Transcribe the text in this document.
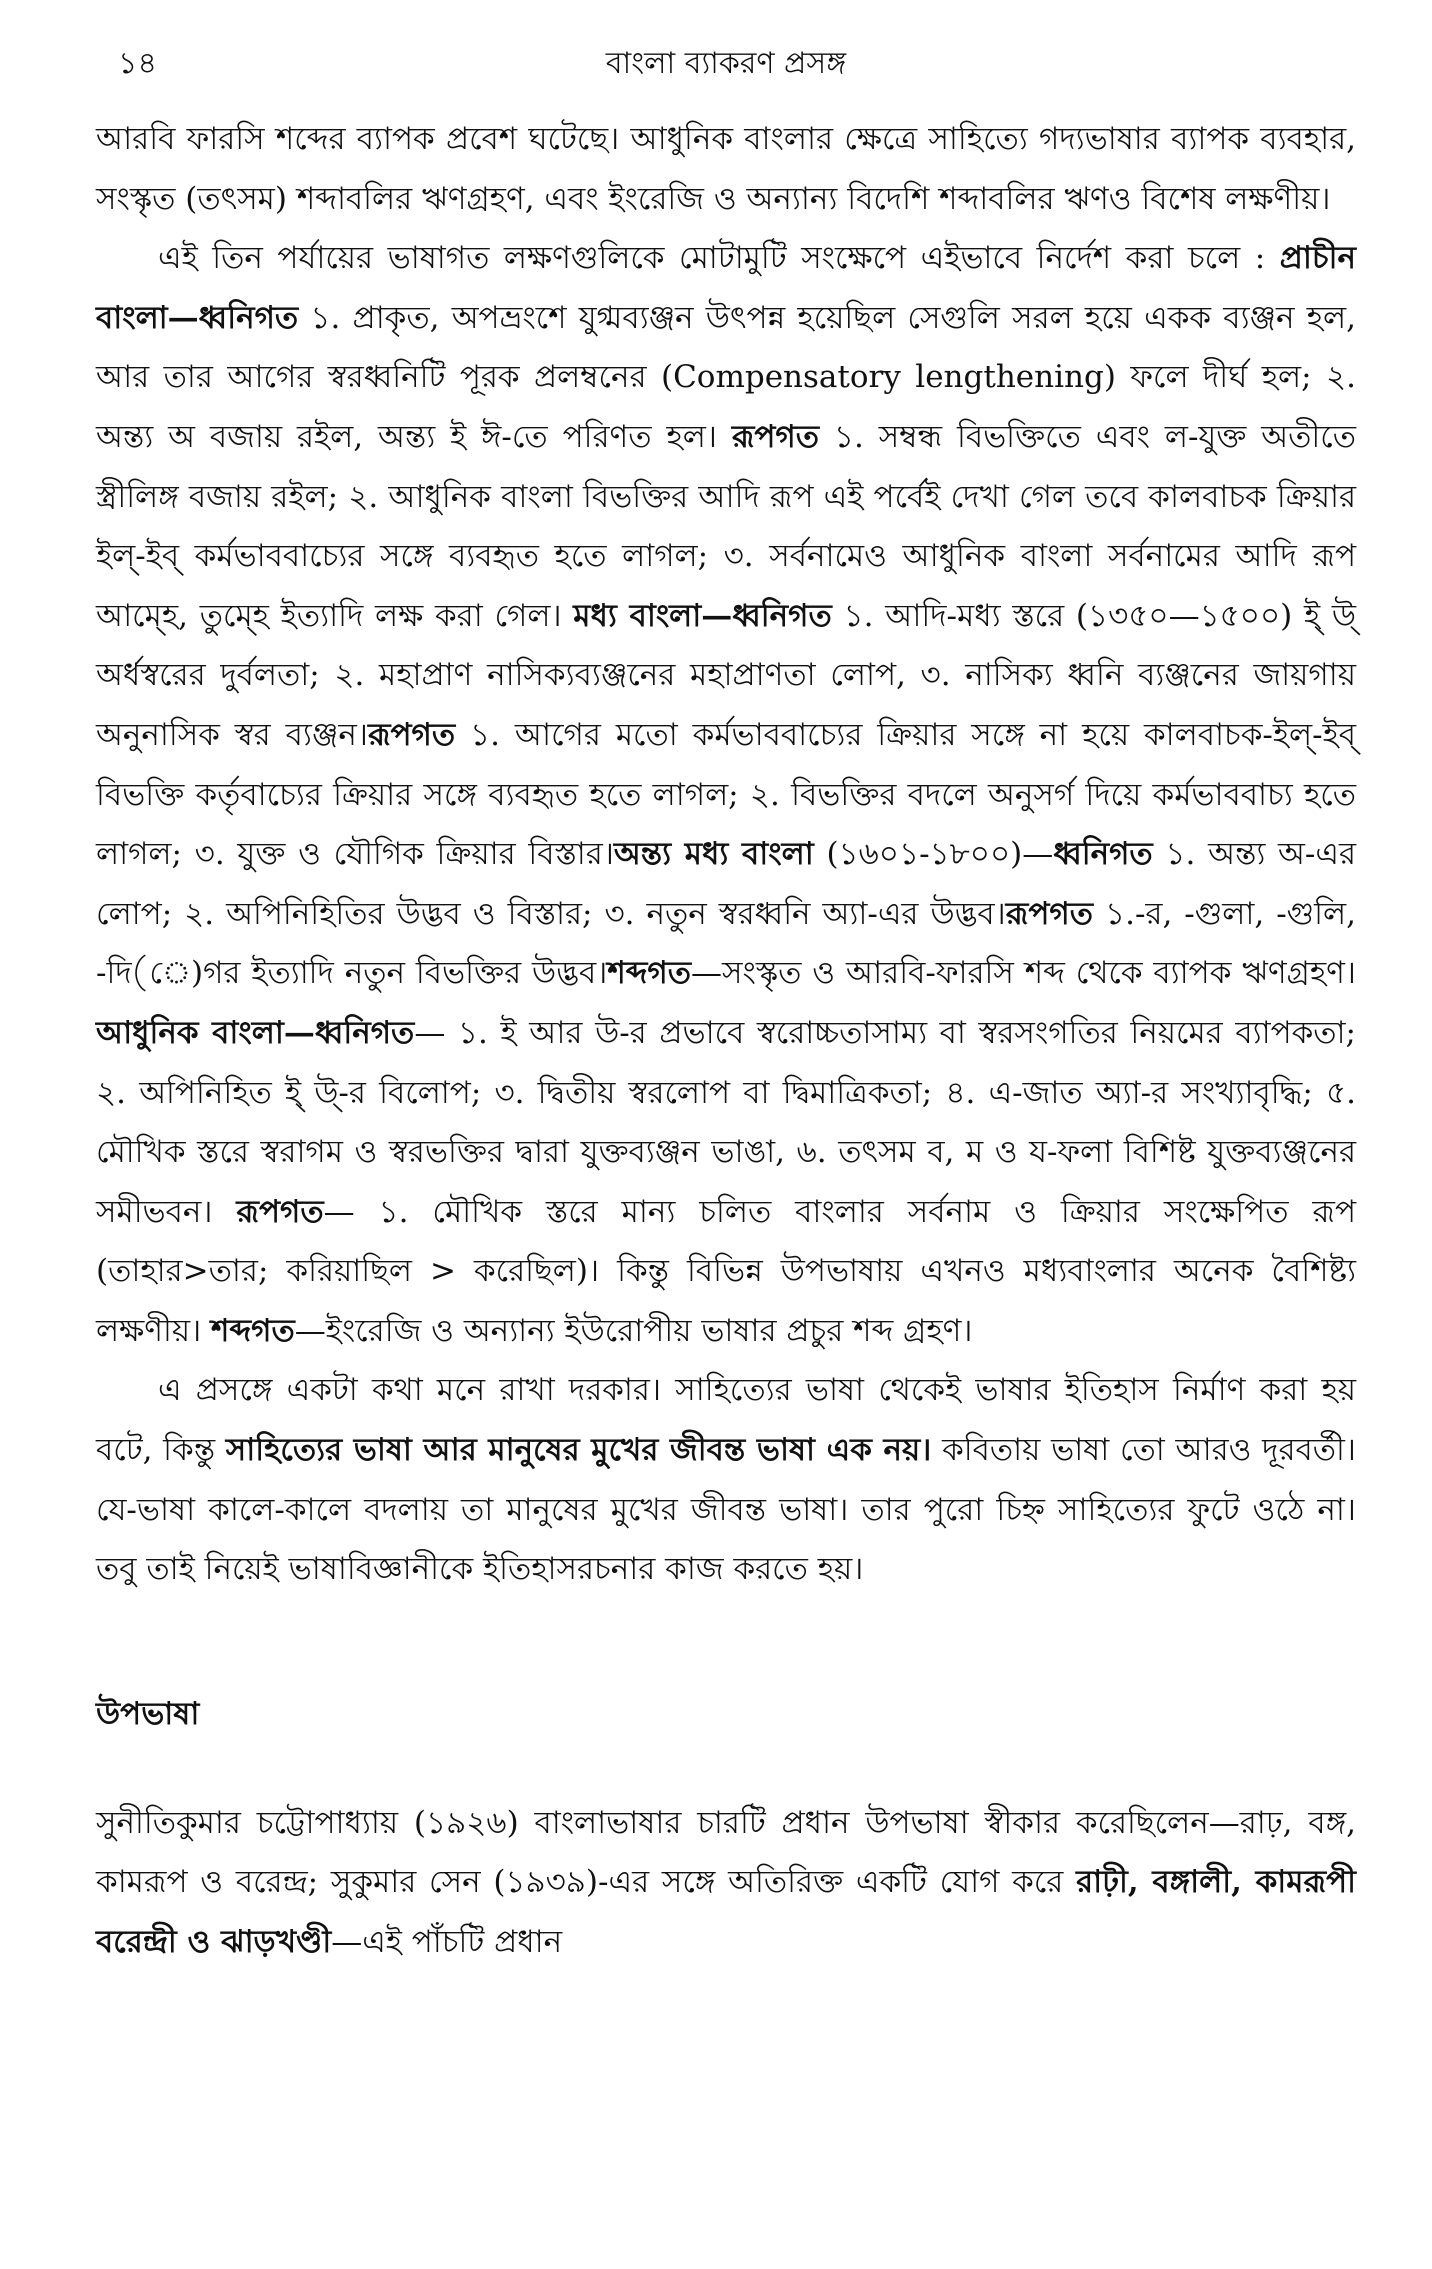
১৪	বাংলা ব্যাকরণ প্রসঙ্গ

আরবি ফারসি শব্দের ব্যাপক প্রবেশ ঘটেছে। আধুনিক বাংলার ক্ষেত্রে সাহিত্যে গদ্যভাষার ব্যাপক ব্যবহার, সংস্কৃত (তৎসম) শব্দাবলির ঋণগ্রহণ, এবং ইংরেজি ও অন্যান্য বিদেশি শব্দাবলির ঋণও বিশেষ লক্ষণীয়।

এই তিন পর্যায়ের ভাষাগত লক্ষণগুলিকে মোটামুটি সংক্ষেপে এইভাবে নির্দেশ করা চলে : প্রাচীন বাংলা—ধ্বনিগত ১. প্রাকৃত, অপভ্রংশে যুগ্মব্যঞ্জন উৎপন্ন হয়েছিল সেগুলি সরল হয়ে একক ব্যঞ্জন হল, আর তার আগের স্বরধ্বনিটি পূরক প্রলম্বনের (Compensatory lengthening) ফলে দীর্ঘ হল; ২. অন্ত্য অ বজায় রইল, অন্ত্য ই ঈ-তে পরিণত হল। রূপগত ১. সম্বন্ধ বিভক্তিতে এবং ল-যুক্ত অতীতে স্ত্রীলিঙ্গ বজায় রইল; ২. আধুনিক বাংলা বিভক্তির আদি রূপ এই পর্বেই দেখা গেল তবে কালবাচক ক্রিয়ার ইল্-ইব্ কর্মভাববাচ্যের সঙ্গে ব্যবহৃত হতে লাগল; ৩. সর্বনামেও আধুনিক বাংলা সর্বনামের আদি রূপ আম্হে, তুম্হে ইত্যাদি লক্ষ করা গেল। মধ্য বাংলা—ধ্বনিগত ১. আদি-মধ্য স্তরে (১৩৫০—১৫০০) ই্ উ্ অর্ধস্বরের দুর্বলতা; ২. মহাপ্রাণ নাসিক্যব্যঞ্জনের মহাপ্রাণতা লোপ, ৩. নাসিক্য ধ্বনি ব্যঞ্জনের জায়গায় অনুনাসিক স্বর ব্যঞ্জন।রূপগত ১. আগের মতো কর্মভাববাচ্যের ক্রিয়ার সঙ্গে না হয়ে কালবাচক-ইল্-ইব্ বিভক্তি কর্তৃবাচ্যের ক্রিয়ার সঙ্গে ব্যবহৃত হতে লাগল; ২. বিভক্তির বদলে অনুসর্গ দিয়ে কর্মভাববাচ্য হতে লাগল; ৩. যুক্ত ও যৌগিক ক্রিয়ার বিস্তার।অন্ত্য মধ্য বাংলা (১৬০১-১৮০০)—ধ্বনিগত ১. অন্ত্য অ-এর লোপ; ২. অপিনিহিতির উদ্ভব ও বিস্তার; ৩. নতুন স্বরধ্বনি অ্যা-এর উদ্ভব।রূপগত ১.-র, -গুলা, -গুলি, -দি(ে)গর ইত্যাদি নতুন বিভক্তির উদ্ভব।শব্দগত—সংস্কৃত ও আরবি-ফারসি শব্দ থেকে ব্যাপক ঋণগ্রহণ। আধুনিক বাংলা—ধ্বনিগত— ১. ই আর উ-র প্রভাবে স্বরোচ্চতাসাম্য বা স্বরসংগতির নিয়মের ব্যাপকতা; ২. অপিনিহিত ই্ উ্-র বিলোপ; ৩. দ্বিতীয় স্বরলোপ বা দ্বিমাত্রিকতা; ৪. এ-জাত অ্যা-র সংখ্যাবৃদ্ধি; ৫. মৌখিক স্তরে স্বরাগম ও স্বরভক্তির দ্বারা যুক্তব্যঞ্জন ভাঙা, ৬. তৎসম ব, ম ও য-ফলা বিশিষ্ট যুক্তব্যঞ্জনের সমীভবন। রূপগত— ১. মৌখিক স্তরে মান্য চলিত বাংলার সর্বনাম ও ক্রিয়ার সংক্ষেপিত রূপ (তাহার>তার; করিয়াছিল > করেছিল)। কিন্তু বিভিন্ন উপভাষায় এখনও মধ্যবাংলার অনেক বৈশিষ্ট্য লক্ষণীয়। শব্দগত—ইংরেজি ও অন্যান্য ইউরোপীয় ভাষার প্রচুর শব্দ গ্রহণ।

এ প্রসঙ্গে একটা কথা মনে রাখা দরকার। সাহিত্যের ভাষা থেকেই ভাষার ইতিহাস নির্মাণ করা হয় বটে, কিন্তু সাহিত্যের ভাষা আর মানুষের মুখের জীবন্ত ভাষা এক নয়। কবিতায় ভাষা তো আরও দূরবর্তী। যে-ভাষা কালে-কালে বদলায় তা মানুষের মুখের জীবন্ত ভাষা। তার পুরো চিহ্ন সাহিত্যের ফুটে ওঠে না। তবু তাই নিয়েই ভাষাবিজ্ঞানীকে ইতিহাসরচনার কাজ করতে হয়।

উপভাষা

সুনীতিকুমার চট্টোপাধ্যায় (১৯২৬) বাংলাভাষার চারটি প্রধান উপভাষা স্বীকার করেছিলেন—রাঢ়, বঙ্গ, কামরূপ ও বরেন্দ্র; সুকুমার সেন (১৯৩৯)-এর সঙ্গে অতিরিক্ত একটি যোগ করে রাঢ়ী, বঙ্গালী, কামরূপী বরেন্দ্রী ও ঝাড়খণ্ডী—এই পাঁচটি প্রধান
